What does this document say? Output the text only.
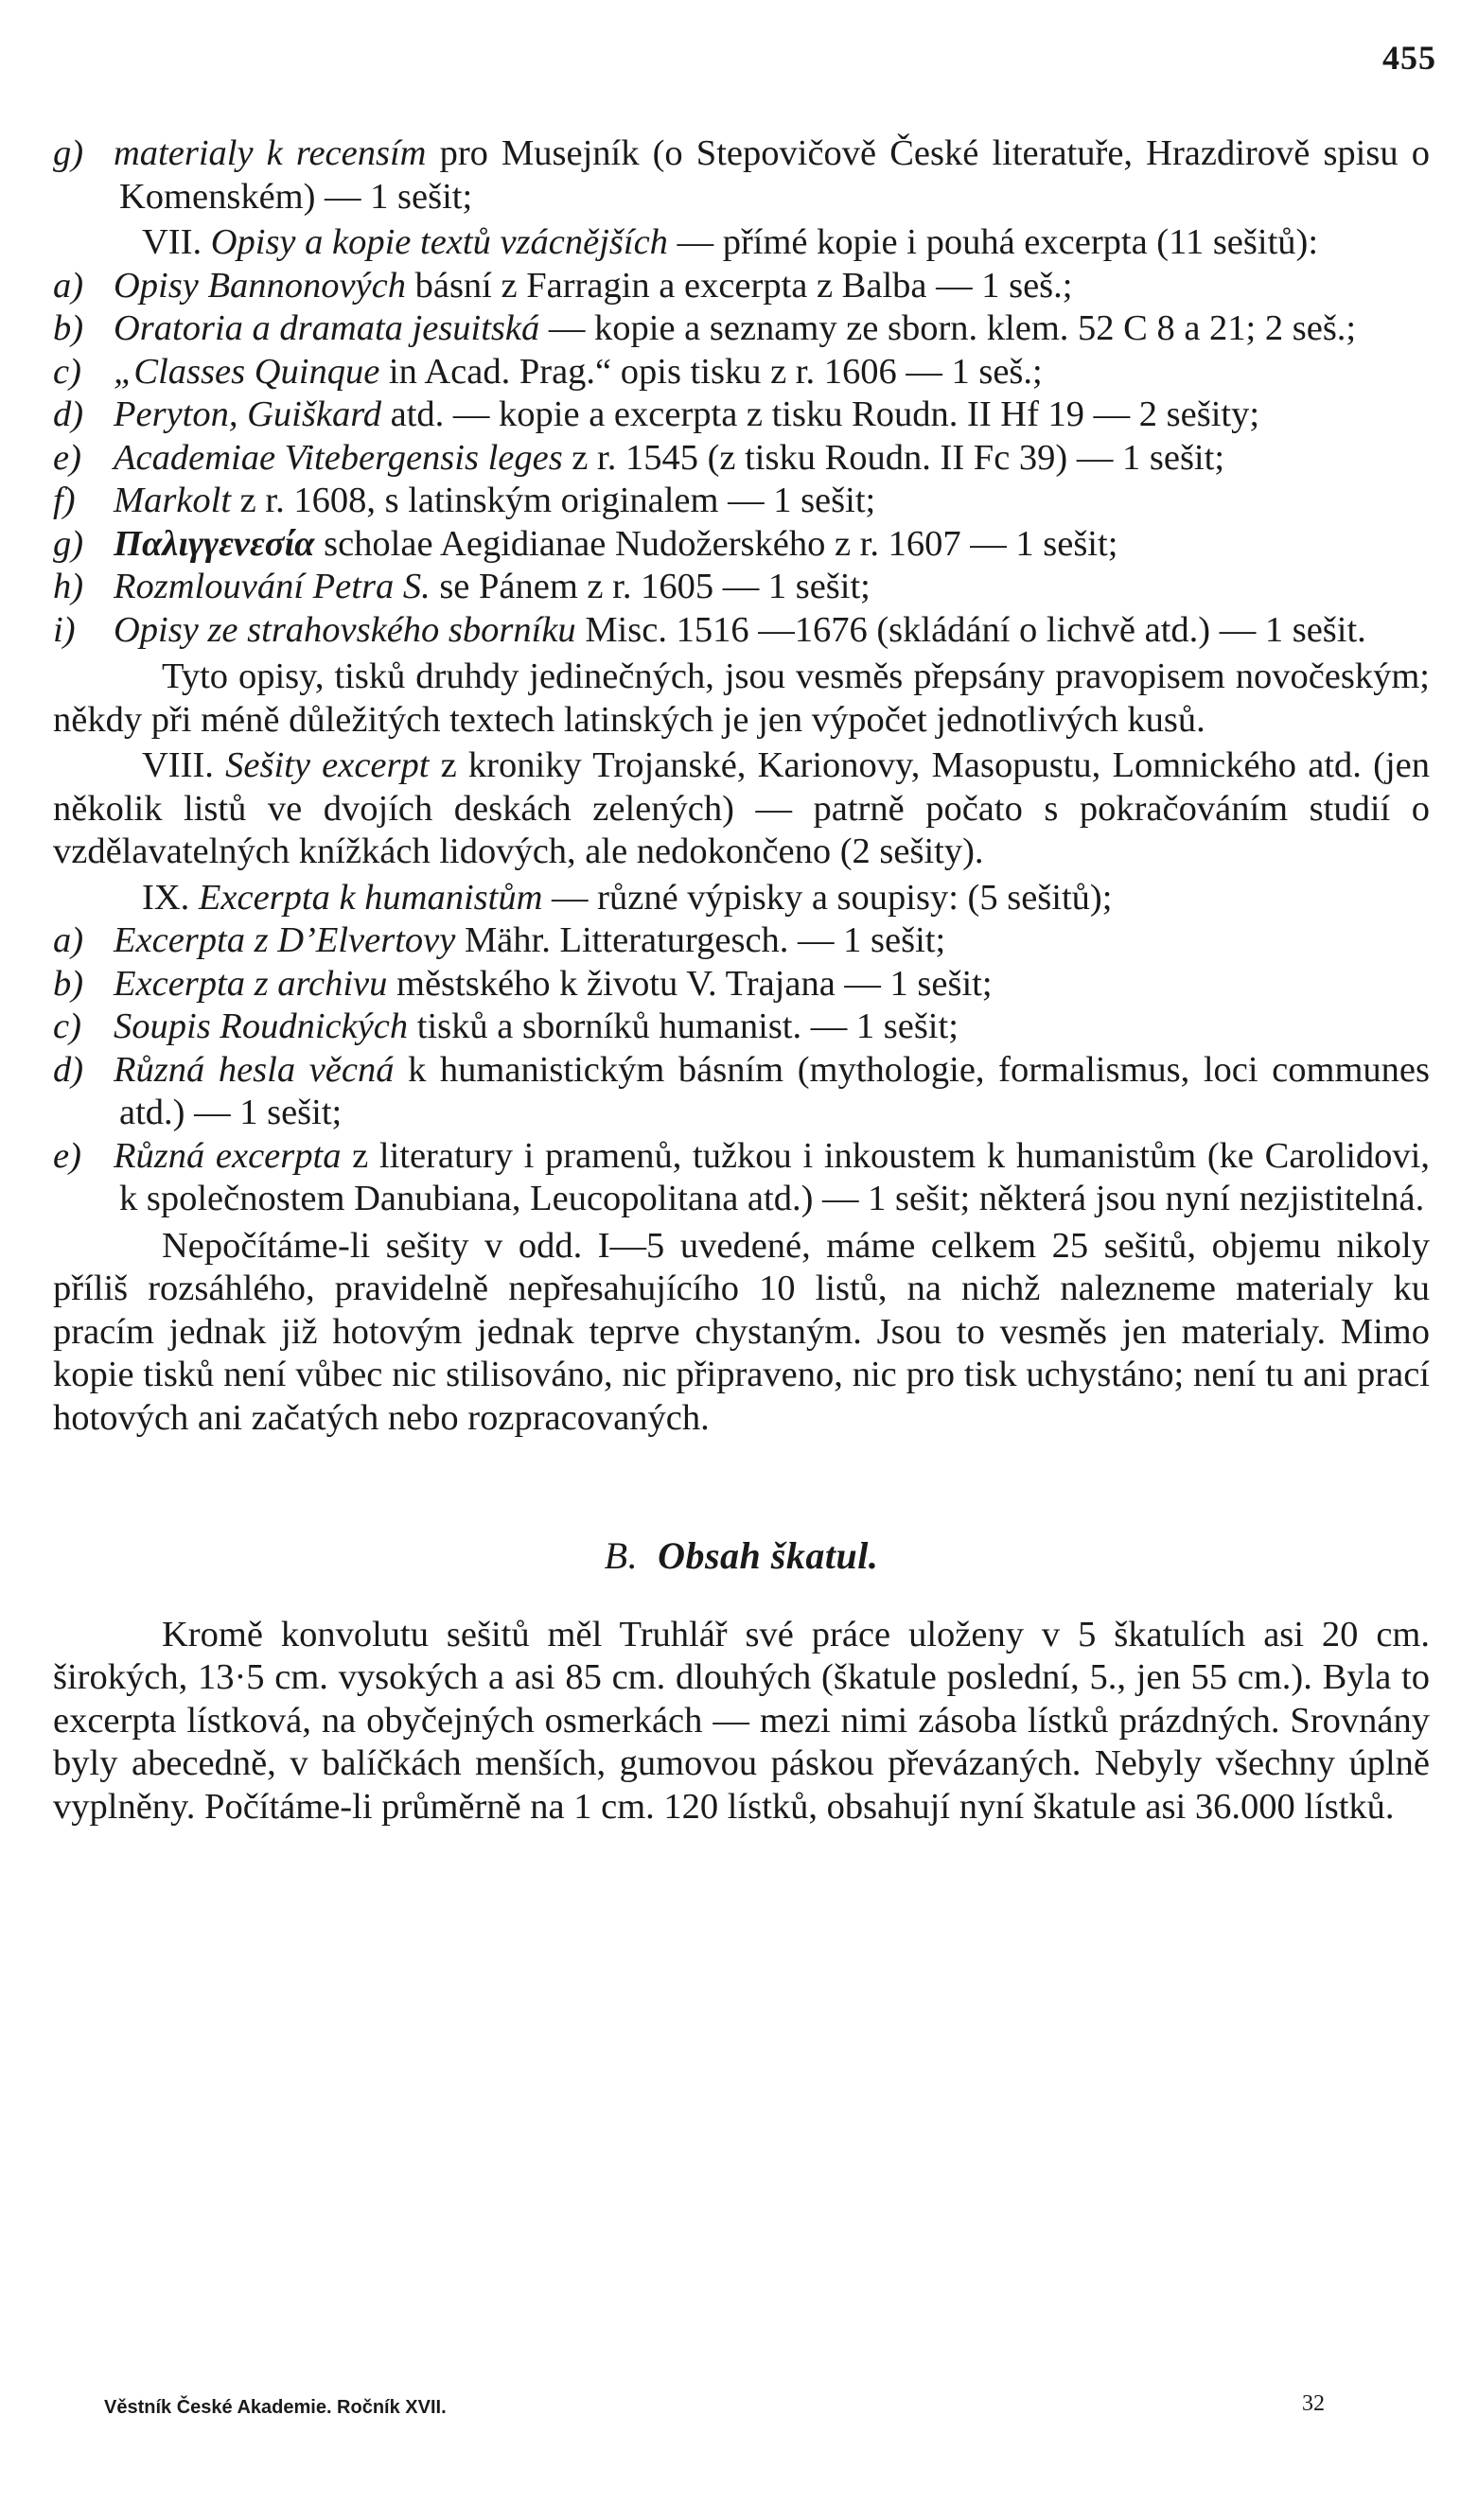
455

g) materialy k recensím pro Musejník (o Stepovičově České literatuře, Hrazdirově spisu o Komenském) — 1 sešit;

VII. Opisy a kopie textů vzácnějších — přímé kopie i pouhá excerpta (11 sešitů):

a) Opisy Bannonových básní z Farragin a excerpta z Balba — 1 seš.;

b) Oratoria a dramata jesuitská — kopie a seznamy ze sborn. klem. 52 C 8 a 21; 2 seš.;

c) „Classes Quinque in Acad. Prag.“ opis tisku z r. 1606 — 1 seš.;

d) Peryton, Guiškard atd. — kopie a excerpta z tisku Roudn. II Hf 19 — 2 sešity;

e) Academiae Vitebergensis leges z r. 1545 (z tisku Roudn. II Fc 39) — 1 sešit;

f) Markolt z r. 1608, s latinským originalem — 1 sešit;

g) Παλιγγενεσία scholae Aegidianae Nudožerského z r. 1607 — 1 sešit;

h) Rozmlouvání Petra S. se Pánem z r. 1605 — 1 sešit;

i) Opisy ze strahovského sborníku Misc. 1516 —1676 (skládání o lichvě atd.) — 1 sešit.

Tyto opisy, tisků druhdy jedinečných, jsou vesměs přepsány pravopisem novočeským; někdy při méně důležitých textech latinských je jen výpočet jednotlivých kusů.

VIII. Sešity excerpt z kroniky Trojanské, Karionovy, Masopustu, Lomnického atd. (jen několik listů ve dvojích deskách zelených) — patrně počato s pokračováním studií o vzdělavatelných knížkách lidových, ale nedokončeno (2 sešity).

IX. Excerpta k humanistům — různé výpisky a soupisy: (5 sešitů);

a) Excerpta z D’Elvertovy Mähr. Litteraturgesch. — 1 sešit;

b) Excerpta z archivu městského k životu V. Trajana — 1 sešit;

c) Soupis Roudnických tisků a sborníků humanist. — 1 sešit;

d) Různá hesla věcná k humanistickým básním (mythologie, formalismus, loci communes atd.) — 1 sešit;

e) Různá excerpta z literatury i pramenů, tužkou i inkoustem k humanistům (ke Carolidovi, k společnostem Danubiana, Leucopolitana atd.) — 1 sešit; některá jsou nyní nezjistitelná.

Nepočítáme-li sešity v odd. I—5 uvedené, máme celkem 25 sešitů, objemu nikoly příliš rozsáhlého, pravidelně nepřesahujícího 10 listů, na nichž nalezneme materialy ku pracím jednak již hotovým jednak teprve chystaným. Jsou to vesměs jen materialy. Mimo kopie tisků není vůbec nic stilisováno, nic připraveno, nic pro tisk uchystáno; není tu ani prací hotových ani začatých nebo rozpracovaných.

B. Obsah škatul.

Kromě konvolutu sešitů měl Truhlář své práce uloženy v 5 škatulích asi 20 cm. širokých, 13·5 cm. vysokých a asi 85 cm. dlouhých (škatule poslední, 5., jen 55 cm.). Byla to excerpta lístková, na obyčejných osmerkách — mezi nimi zásoba lístků prázdných. Srovnány byly abecedně, v balíčkách menších, gumovou páskou převázaných. Nebyly všechny úplně vyplněny. Počítáme-li průměrně na 1 cm. 120 lístků, obsahují nyní škatule asi 36.000 lístků.

Věstník České Akademie. Ročník XVII.	32
